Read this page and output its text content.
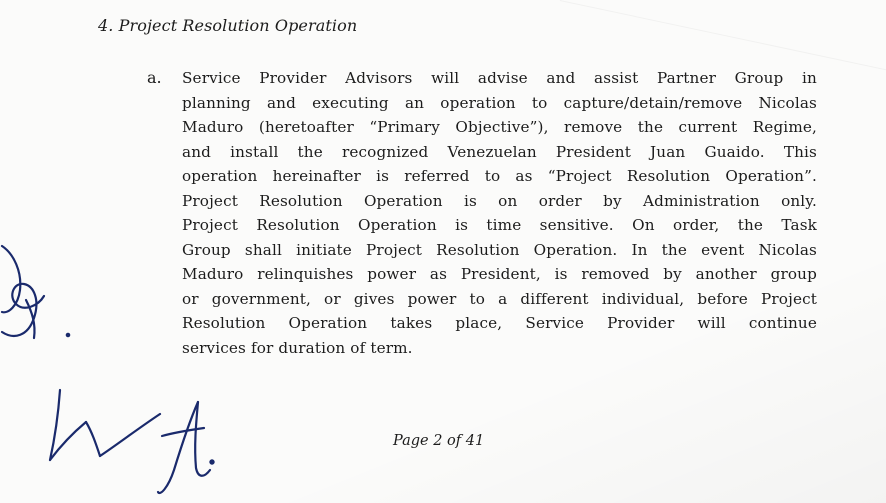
4. Project Resolution Operation
a. Service Provider Advisors will advise and assist Partner Group in
planning and executing an operation to capture/detain/remove Nicolas
Maduro (heretoafter “Primary Objective”), remove the current Regime,
and install the recognized Venezuelan President Juan Guaido. This
operation hereinafter is referred to as “Project Resolution Operation”.
Project Resolution Operation is on order by Administration only.
Project Resolution Operation is time sensitive. On order, the Task
Group shall initiate Project Resolution Operation. In the event Nicolas
Maduro relinquishes power as President, is removed by another group
or government, or gives power to a different individual, before Project
Resolution Operation takes place, Service Provider will continue
services for duration of term.
Page 2 of 41
